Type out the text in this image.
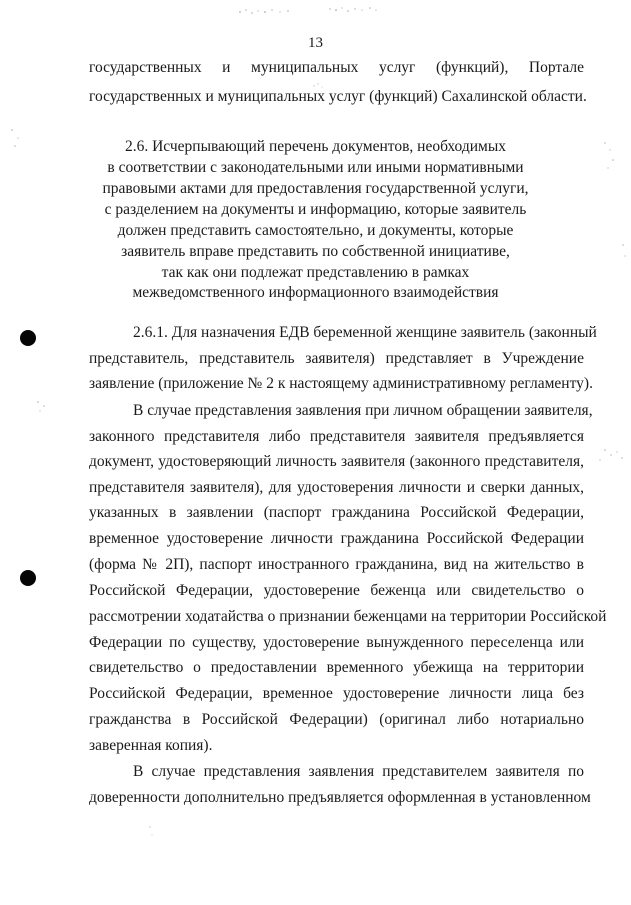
13
государственных и муниципальных услуг (функций), Портале
государственных и муниципальных услуг (функций) Сахалинской области.
2.6. Исчерпывающий перечень документов, необходимых
в соответствии с законодательными или иными нормативными
правовыми актами для предоставления государственной услуги,
с разделением на документы и информацию, которые заявитель
должен представить самостоятельно, и документы, которые
заявитель вправе представить по собственной инициативе,
так как они подлежат представлению в рамках
межведомственного информационного взаимодействия
2.6.1. Для назначения ЕДВ беременной женщине заявитель (законный
представитель, представитель заявителя) представляет в Учреждение
заявление (приложение № 2 к настоящему административному регламенту).
В случае представления заявления при личном обращении заявителя,
законного представителя либо представителя заявителя предъявляется
документ, удостоверяющий личность заявителя (законного представителя,
представителя заявителя), для удостоверения личности и сверки данных,
указанных в заявлении (паспорт гражданина Российской Федерации,
временное удостоверение личности гражданина Российской Федерации
(форма № 2П), паспорт иностранного гражданина, вид на жительство в
Российской Федерации, удостоверение беженца или свидетельство о
рассмотрении ходатайства о признании беженцами на территории Российской
Федерации по существу, удостоверение вынужденного переселенца или
свидетельство о предоставлении временного убежища на территории
Российской Федерации, временное удостоверение личности лица без
гражданства в Российской Федерации) (оригинал либо нотариально
заверенная копия).
В случае представления заявления представителем заявителя по
доверенности дополнительно предъявляется оформленная в установленном
